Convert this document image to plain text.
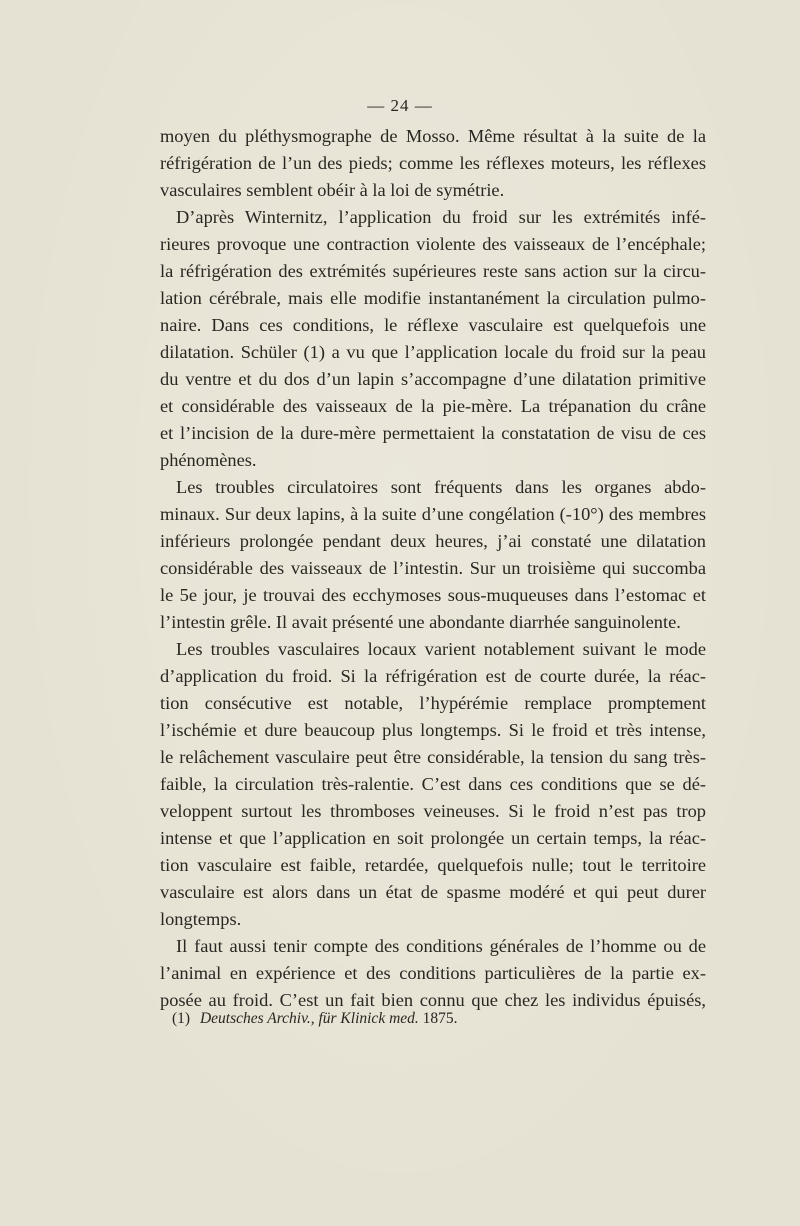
— 24 —
moyen du pléthysmographe de Mosso. Même résultat à la suite de la
réfrigération de l’un des pieds; comme les réflexes moteurs, les réflexes
vasculaires semblent obéir à la loi de symétrie.
D’après Winternitz, l’application du froid sur les extrémités infé-
rieures provoque une contraction violente des vaisseaux de l’encéphale;
la réfrigération des extrémités supérieures reste sans action sur la circu-
lation cérébrale, mais elle modifie instantanément la circulation pulmo-
naire. Dans ces conditions, le réflexe vasculaire est quelquefois une
dilatation. Schüler (1) a vu que l’application locale du froid sur la peau
du ventre et du dos d’un lapin s’accompagne d’une dilatation primitive
et considérable des vaisseaux de la pie-mère. La trépanation du crâne
et l’incision de la dure-mère permettaient la constatation de visu de ces
phénomènes.
Les troubles circulatoires sont fréquents dans les organes abdo-
minaux. Sur deux lapins, à la suite d’une congélation (-10°) des membres
inférieurs prolongée pendant deux heures, j’ai constaté une dilatation
considérable des vaisseaux de l’intestin. Sur un troisième qui succomba
le 5e jour, je trouvai des ecchymoses sous-muqueuses dans l’estomac et
l’intestin grêle. Il avait présenté une abondante diarrhée sanguinolente.
Les troubles vasculaires locaux varient notablement suivant le mode
d’application du froid. Si la réfrigération est de courte durée, la réac-
tion consécutive est notable, l’hypérémie remplace promptement
l’ischémie et dure beaucoup plus longtemps. Si le froid et très intense,
le relâchement vasculaire peut être considérable, la tension du sang très-
faible, la circulation très-ralentie. C’est dans ces conditions que se dé-
veloppent surtout les thromboses veineuses. Si le froid n’est pas trop
intense et que l’application en soit prolongée un certain temps, la réac-
tion vasculaire est faible, retardée, quelquefois nulle; tout le territoire
vasculaire est alors dans un état de spasme modéré et qui peut durer
longtemps.
Il faut aussi tenir compte des conditions générales de l’homme ou de
l’animal en expérience et des conditions particulières de la partie ex-
posée au froid. C’est un fait bien connu que chez les individus épuisés,
(1) Deutsches Archiv., für Klinick med. 1875.
